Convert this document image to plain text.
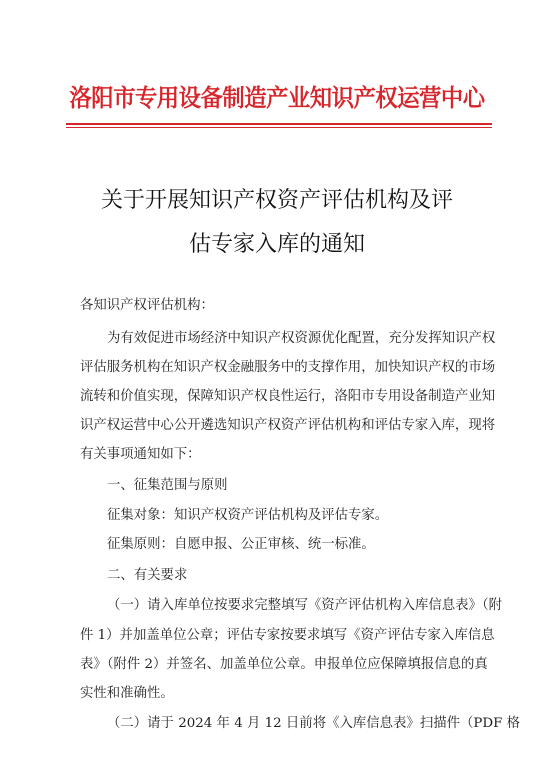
洛阳市专用设备制造产业知识产权运营中心
关于开展知识产权资产评估机构及评
估专家入库的通知
各知识产权评估机构：
为有效促进市场经济中知识产权资源优化配置，充分发挥知识产权
评估服务机构在知识产权金融服务中的支撑作用，加快知识产权的市场
流转和价值实现，保障知识产权良性运行，洛阳市专用设备制造产业知
识产权运营中心公开遴选知识产权资产评估机构和评估专家入库，现将
有关事项通知如下：
一、征集范围与原则
征集对象：知识产权资产评估机构及评估专家。
征集原则：自愿申报、公正审核、统一标准。
二、有关要求
（一）请入库单位按要求完整填写《资产评估机构入库信息表》（附
件 1）并加盖单位公章；评估专家按要求填写《资产评估专家入库信息
表》（附件 2）并签名、加盖单位公章。申报单位应保障填报信息的真
实性和准确性。
（二）请于 2024 年 4 月 12 日前将《入库信息表》扫描件（PDF 格
